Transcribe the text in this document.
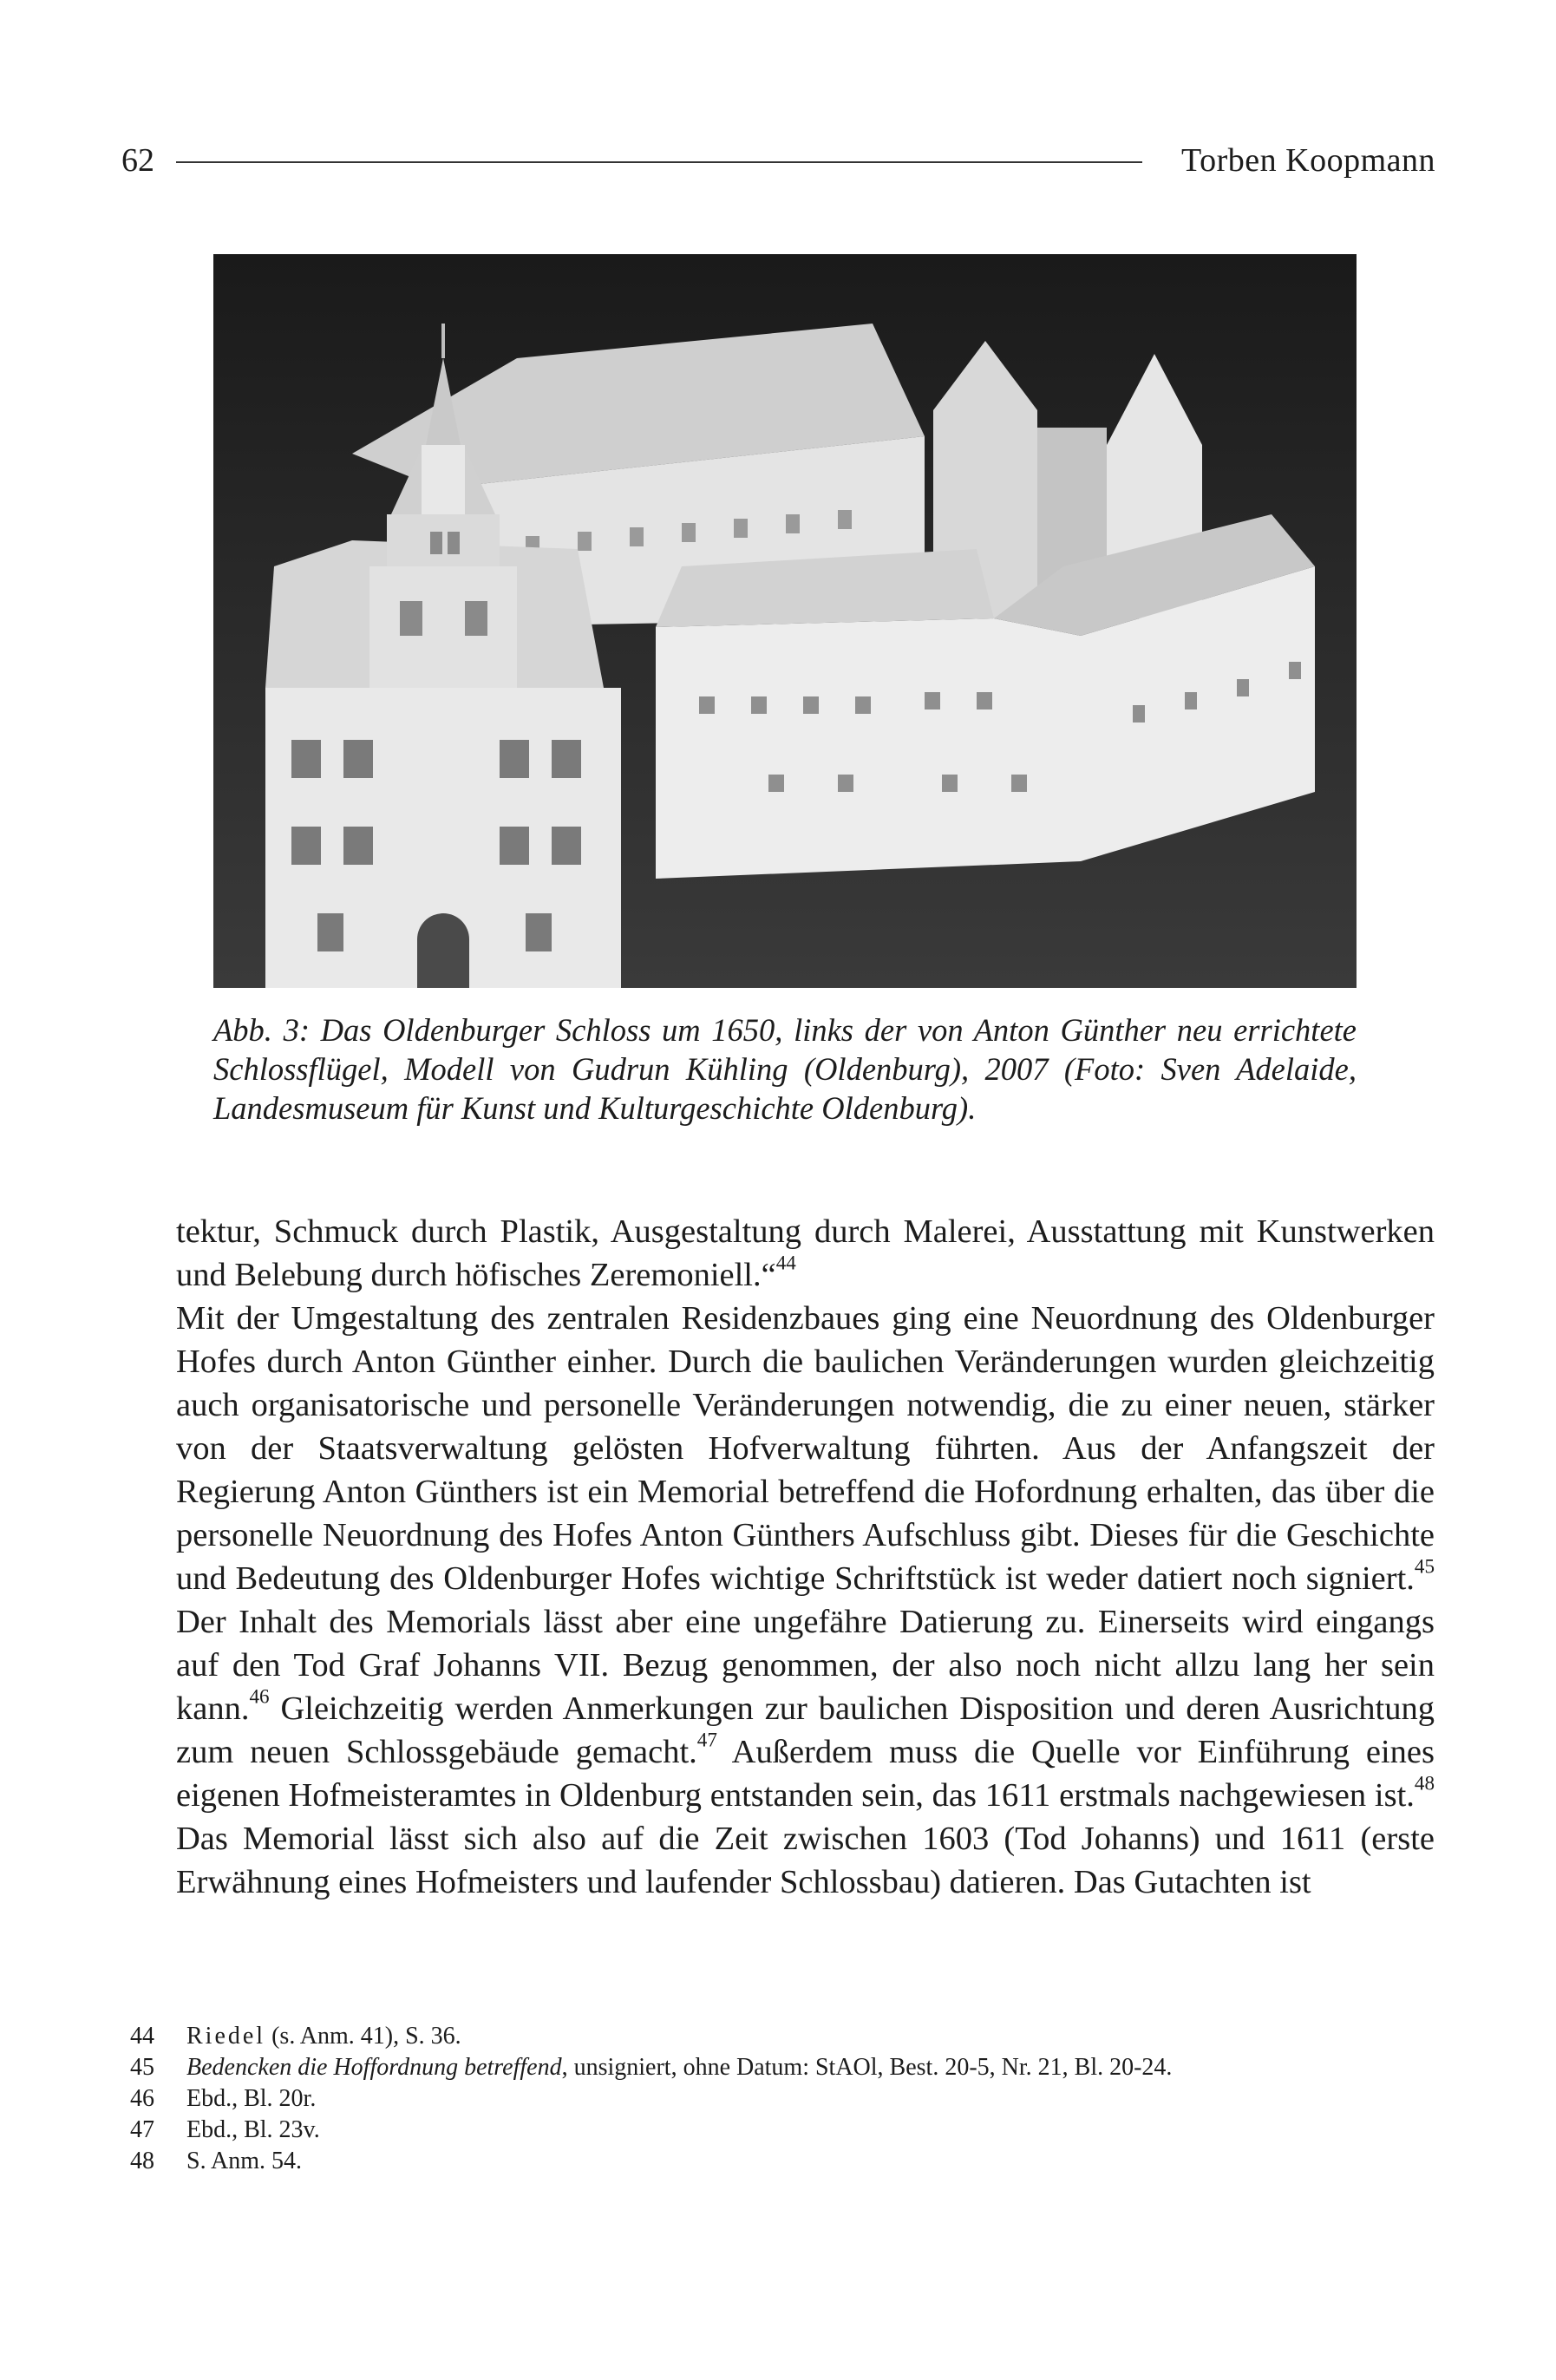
62	Torben Koopmann
Abb. 3: Das Oldenburger Schloss um 1650, links der von Anton Günther neu errichtete Schlossflügel, Modell von Gudrun Kühling (Oldenburg), 2007 (Foto: Sven Adelaide, Landesmuseum für Kunst und Kulturgeschichte Oldenburg).

tektur, Schmuck durch Plastik, Ausgestaltung durch Malerei, Ausstattung mit Kunstwerken und Belebung durch höfisches Zeremoniell.“$^{44}$

Mit der Umgestaltung des zentralen Residenzbaues ging eine Neuordnung des Oldenburger Hofes durch Anton Günther einher. Durch die baulichen Veränderungen wurden gleichzeitig auch organisatorische und personelle Veränderungen notwendig, die zu einer neuen, stärker von der Staatsverwaltung gelösten Hofverwaltung führten. Aus der Anfangszeit der Regierung Anton Günthers ist ein Memorial betreffend die Hofordnung erhalten, das über die personelle Neuordnung des Hofes Anton Günthers Aufschluss gibt. Dieses für die Geschichte und Bedeutung des Oldenburger Hofes wichtige Schriftstück ist weder datiert noch signiert.$^{45}$ Der Inhalt des Memorials lässt aber eine ungefähre Datierung zu. Einerseits wird eingangs auf den Tod Graf Johanns VII. Bezug genommen, der also noch nicht allzu lang her sein kann.$^{46}$ Gleichzeitig werden Anmerkungen zur baulichen Disposition und deren Ausrichtung zum neuen Schlossgebäude gemacht.$^{47}$ Außerdem muss die Quelle vor Einführung eines eigenen Hofmeisteramtes in Oldenburg entstanden sein, das 1611 erstmals nachgewiesen ist.$^{48}$ Das Memorial lässt sich also auf die Zeit zwischen 1603 (Tod Johanns) und 1611 (erste Erwähnung eines Hofmeisters und laufender Schlossbau) datieren. Das Gutachten ist

44	Riedel (s. Anm. 41), S. 36.
45	Bedencken die Hoffordnung betreffend, unsigniert, ohne Datum: StAOl, Best. 20-5, Nr. 21, Bl. 20-24.
46	Ebd., Bl. 20r.
47	Ebd., Bl. 23v.
48	S. Anm. 54.
